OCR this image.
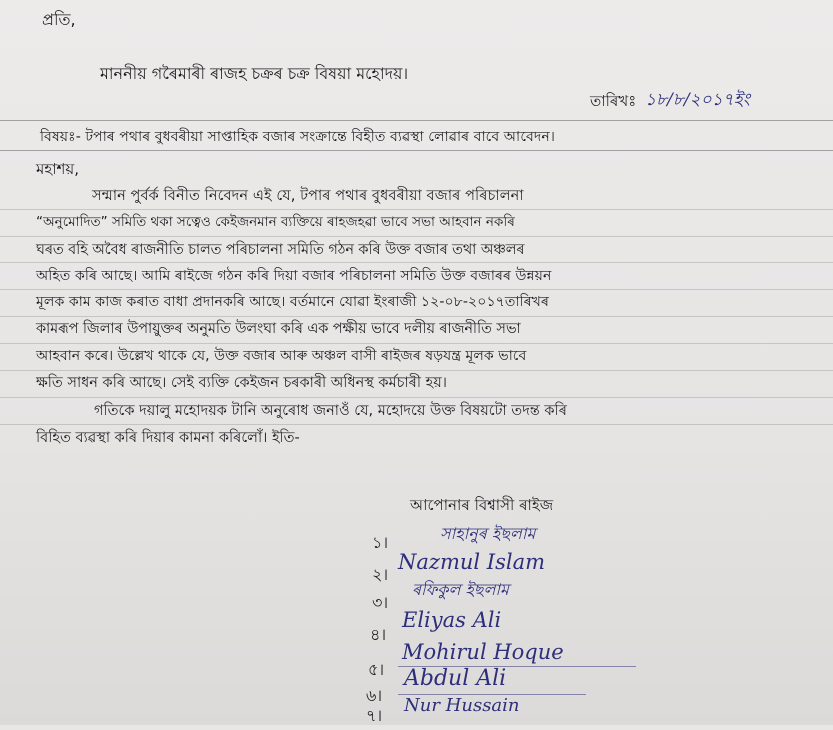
প্ৰতি,
মাননীয় গৰৈমাৰী ৰাজহ চক্ৰৰ চক্ৰ বিষয়া মহোদয়।
তাৰিখঃ ১৮/৮/২০১৭ইং
বিষয়ঃ- টপাৰ পথাৰ বুধবৰীয়া সাপ্তাহিক বজাৰ সংক্ৰান্তে বিহীত ব্যৱস্থা লোৱাৰ বাবে আবেদন।
মহাশয়,
সন্মান পুৰ্বৰ্ক বিনীত নিবেদন এই যে, টপাৰ পথাৰ বুধবৰীয়া বজাৰ পৰিচালনা
“অনুমোদিত” সমিতি থকা সত্বেও কেইজনমান ব্যক্তিয়ে ৰাহজহৱা ভাবে সভা আহবান নকৰি
ঘৰত বহি অবৈধ ৰাজনীতি চালত পৰিচালনা সমিতি গঠন কৰি উক্ত বজাৰ তথা অঞ্চলৰ
অহিত কৰি আছে। আমি ৰাইজে গঠন কৰি দিয়া বজাৰ পৰিচালনা সমিতি উক্ত বজাৰৰ উন্নয়ন
মূলক কাম কাজ কৰাত বাধা প্ৰদানকৰি আছে। বৰ্তমানে যোৱা ইংৰাজী ১২-০৮-২০১৭তাৰিখৰ
কামৰূপ জিলাৰ উপায়ুক্তৰ অনুমতি উলংঘা কৰি এক পক্ষীয় ভাবে দলীয় ৰাজনীতি সভা
আহবান কৰে। উল্লেখ থাকে যে, উক্ত বজাৰ আৰু অঞ্চল বাসী ৰাইজৰ ষড়যন্ত্ৰ মূলক ভাবে
ক্ষতি সাধন কৰি আছে। সেই ব্যক্তি কেইজন চৰকাৰী অধিনস্থ কৰ্মচাৰী হয়।
গতিকে দয়ালু মহোদয়ক টানি অনুৰোধ জনাওঁ যে, মহোদয়ে উক্ত বিষয়টো তদন্ত কৰি
বিহিত ব্যৱস্থা কৰি দিয়াৰ কামনা কৰিলোঁ। ইতি-
আপোনাৰ বিশ্বাসী ৰাইজ
১।	সাহানুৰ ইছলাম
২।
Nazmul Islam
৩।
ৰফিকুল ইছলাম
৪।
Eliyas Ali
৫।
Mohirul Hoque
৬।
Abdul Ali
৭। Nur Hussain
